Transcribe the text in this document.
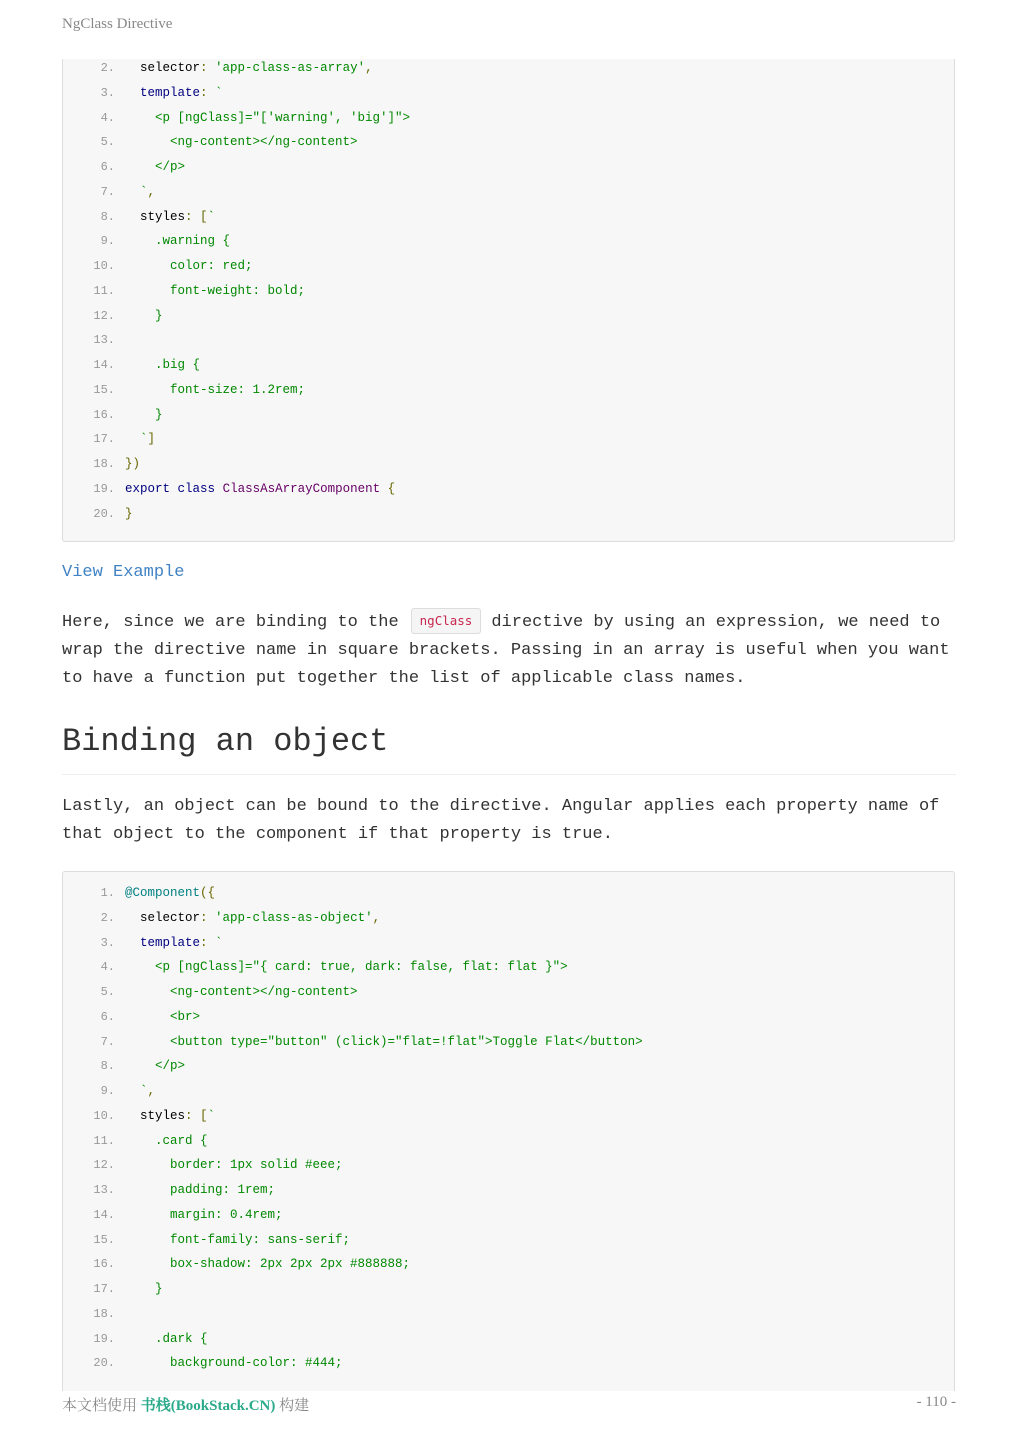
NgClass Directive
2.	selector: 'app-class-as-array',
3.	template: `
4. <p [ngClass]="['warning', 'big']">
5. <ng-content></ng-content>
6. </p>
7. `,
8.	styles: [`
9. .warning {
10. color: red;
11. font-weight: bold;
12. }
13.
14. .big {
15. font-size: 1.2rem;
16. }
17. `]
18. })
19. export class ClassAsArrayComponent {
20. }
View Example

Here, since we are binding to the ngClass directive by using an expression, we need to wrap the directive name in square brackets. Passing in an array is useful when you want to have a function put together the list of applicable class names.

Binding an object

Lastly, an object can be bound to the directive. Angular applies each property name of that object to the component if that property is true.

1. @Component({
2.	selector: 'app-class-as-object',
3.	template: `
4. <p [ngClass]="{ card: true, dark: false, flat: flat }">
5. <ng-content></ng-content>
6. <br>
7. <button type="button" (click)="flat=!flat">Toggle Flat</button>
8. </p>
9. `,
10.	styles: [`
11. .card {
12. border: 1px solid #eee;
13. padding: 1rem;
14. margin: 0.4rem;
15. font-family: sans-serif;
16. box-shadow: 2px 2px 2px #888888;
17. }
18.
19. .dark {
20. background-color: #444;
本文档使用 书栈(BookStack.CN) 构建	- 110 -
